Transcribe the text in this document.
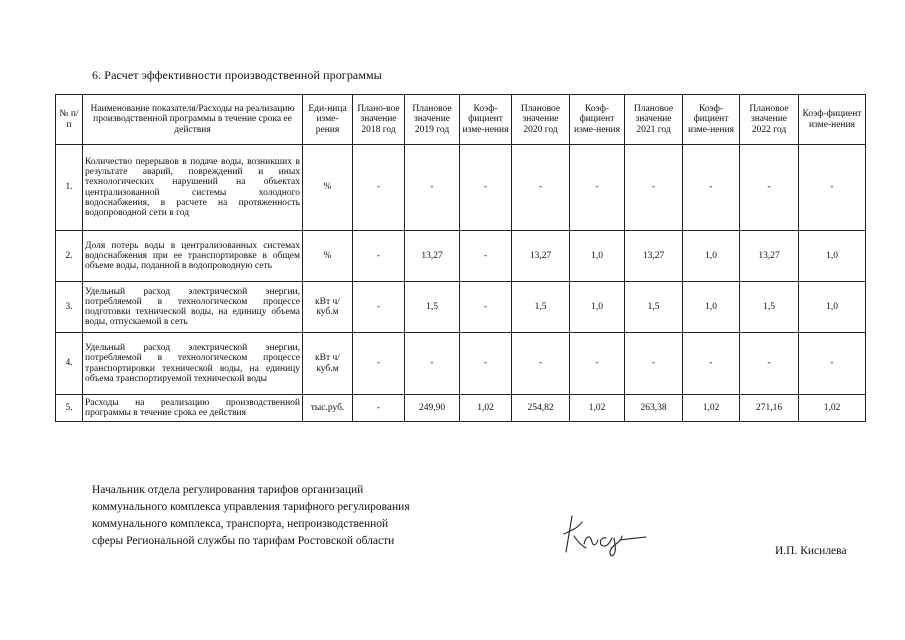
6. Расчет эффективности производственной программы
№ п/п	Наименование показателя/Расходы на реализацию производственной программы в течение срока ее действия	Еди-ница изме-рения	Плано-вое значение 2018 год	Плановое значение 2019 год	Коэф-фициент изме-нения	Плановое значение 2020 год	Коэф-фициент изме-нения	Плановое значение 2021 год	Коэф-фициент изме-нения	Плановое значение 2022 год	Коэф-фициент изме-нения
1.	Количество перерывов в подаче воды, возникших в результате аварий, повреждений и иных технологических нарушений на объектах централизованной системы холодного водоснабжения, в расчете на протяженность водопроводной сети в год	%	-	-	-	-	-	-	-	-	-
2.	Доля потерь воды в централизованных системах водоснабжения при ее транспортировке в общем объеме воды, поданной в водопроводную сеть	%	-	13,27	-	13,27	1,0	13,27	1,0	13,27	1,0
3.	Удельный расход электрической энергии, потребляемой в технологическом процессе подготовки технической воды, на единицу объема воды, отпускаемой в сеть	кВт ч/куб.м	-	1,5	-	1,5	1,0	1,5	1,0	1,5	1,0
4.	Удельный расход электрической энергии, потребляемой в технологическом процессе транспортировки технической воды, на единицу объема транспортируемой технической воды	кВт ч/куб.м	-	-	-	-	-	-	-	-	-
5.	Расходы на реализацию производственной программы в течение срока ее действия	тыс.руб.	-	249,90	1,02	254,82	1,02	263,38	1,02	271,16	1,02
Начальник отдела регулирования тарифов организаций коммунального комплекса управления тарифного регулирования коммунального комплекса, транспорта, непроизводственной сферы Региональной службы по тарифам Ростовской области
И.П. Кисилева
